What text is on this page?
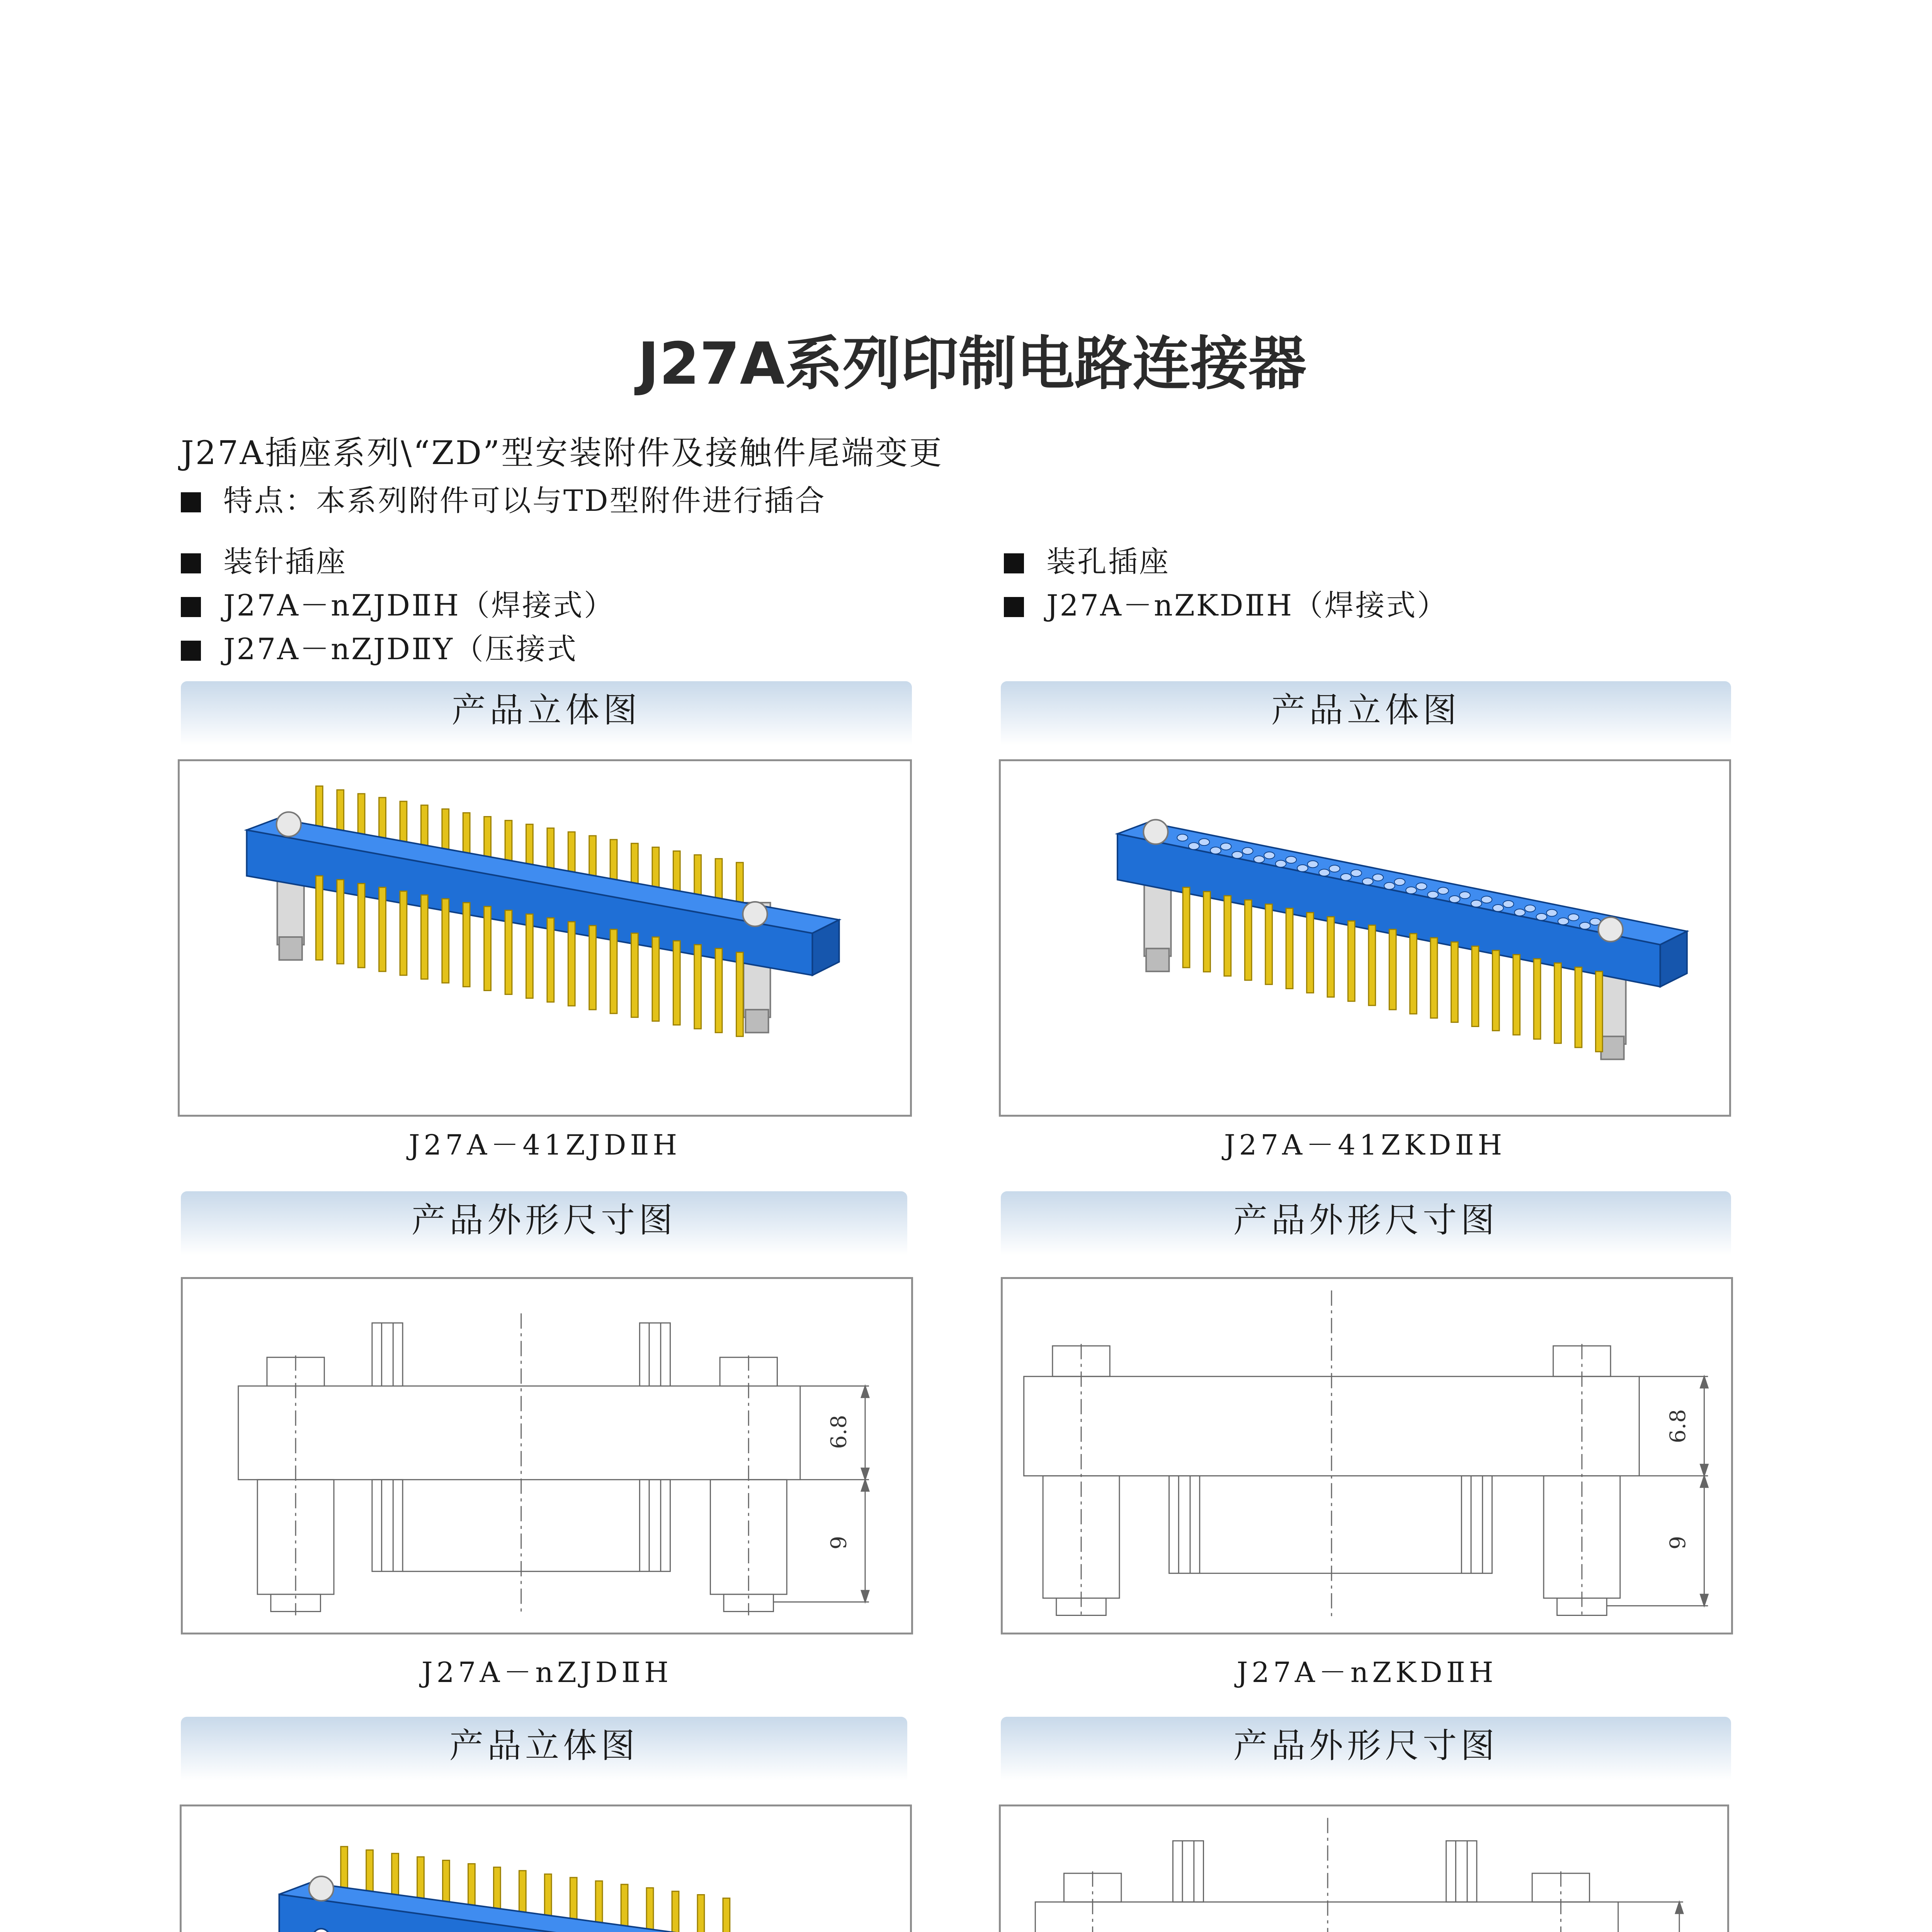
J27A系列印制电路连接器
J27A插座系列\“ZD”型安装附件及接触件尾端变更
特点：本系列附件可以与TD型附件进行插合
装针插座
J27A－nZJDⅡH（焊接式）
J27A－nZJDⅡY（压接式
装孔插座
J27A－nZKDⅡH（焊接式）
产品立体图
J27A－41ZJDⅡH
产品立体图
J27A－41ZKDⅡH
产品外形尺寸图
6.8
9
J27A－nZJDⅡH
产品外形尺寸图
6.8
9
J27A－nZKDⅡH
产品立体图	产品外形尺寸图
